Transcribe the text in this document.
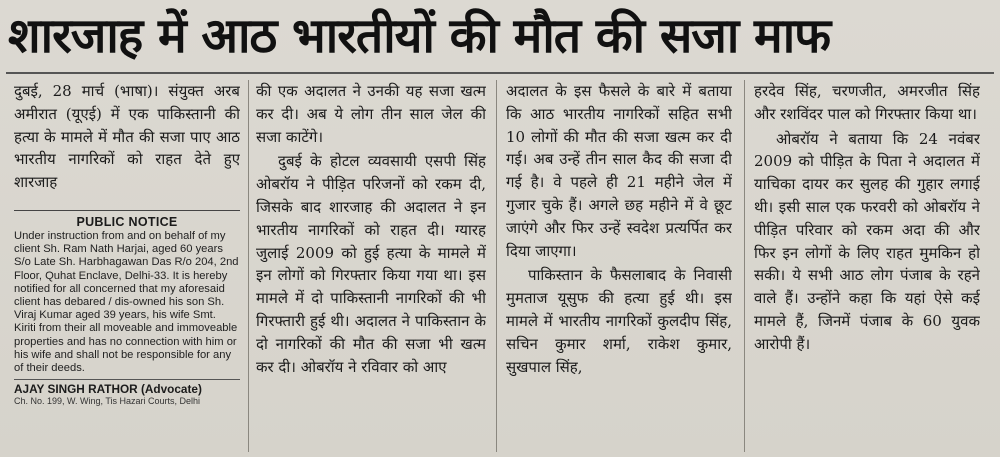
शारजाह में आठ भारतीयों की मौत की सजा माफ

दुबई, 28 मार्च (भाषा)। संयुक्त अरब अमीरात (यूएई) में एक पाकिस्तानी की हत्या के मामले में मौत की सजा पाए आठ भारतीय नागरिकों को राहत देते हुए शारजाह

PUBLIC NOTICE
Under instruction from and on behalf of my client Sh. Ram Nath Harjai, aged 60 years S/o Late Sh. Harbhagawan Das R/o 204, 2nd Floor, Quhat Enclave, Delhi-33. It is hereby notified for all concerned that my aforesaid client has debared / dis-owned his son Sh. Viraj Kumar aged 39 years, his wife Smt. Kiriti from their all moveable and immoveable properties and has no connection with him or his wife and shall not be responsible for any of their deeds.
AJAY SINGH RATHOR (Advocate)
Ch. No. 199, W. Wing, Tis Hazari Courts, Delhi

की एक अदालत ने उनकी यह सजा खत्म कर दी। अब ये लोग तीन साल जेल की सजा काटेंगे।

दुबई के होटल व्यवसायी एसपी सिंह ओबरॉय ने पीड़ित परिजनों को रकम दी, जिसके बाद शारजाह की अदालत ने इन भारतीय नागरिकों को राहत दी। ग्यारह जुलाई 2009 को हुई हत्या के मामले में इन लोगों को गिरफ्तार किया गया था। इस मामले में दो पाकिस्तानी नागरिकों की भी गिरफ्तारी हुई थी। अदालत ने पाकिस्तान के दो नागरिकों की मौत की सजा भी खत्म कर दी। ओबरॉय ने रविवार को आए

अदालत के इस फैसले के बारे में बताया कि आठ भारतीय नागरिकों सहित सभी 10 लोगों की मौत की सजा खत्म कर दी गई। अब उन्हें तीन साल कैद की सजा दी गई है। वे पहले ही 21 महीने जेल में गुजार चुके हैं। अगले छह महीने में वे छूट जाएंगे और फिर उन्हें स्वदेश प्रत्यर्पित कर दिया जाएगा।

पाकिस्तान के फैसलाबाद के निवासी मुमताज यूसुफ की हत्या हुई थी। इस मामले में भारतीय नागरिकों कुलदीप सिंह, सचिन कुमार शर्मा, राकेश कुमार, सुखपाल सिंह,

हरदेव सिंह, चरणजीत, अमरजीत सिंह और रशविंदर पाल को गिरफ्तार किया था।

ओबरॉय ने बताया कि 24 नवंबर 2009 को पीड़ित के पिता ने अदालत में याचिका दायर कर सुलह की गुहार लगाई थी। इसी साल एक फरवरी को ओबरॉय ने पीड़ित परिवार को रकम अदा की और फिर इन लोगों के लिए राहत मुमकिन हो सकी। ये सभी आठ लोग पंजाब के रहने वाले हैं। उन्होंने कहा कि यहां ऐसे कई मामले हैं, जिनमें पंजाब के 60 युवक आरोपी हैं।
